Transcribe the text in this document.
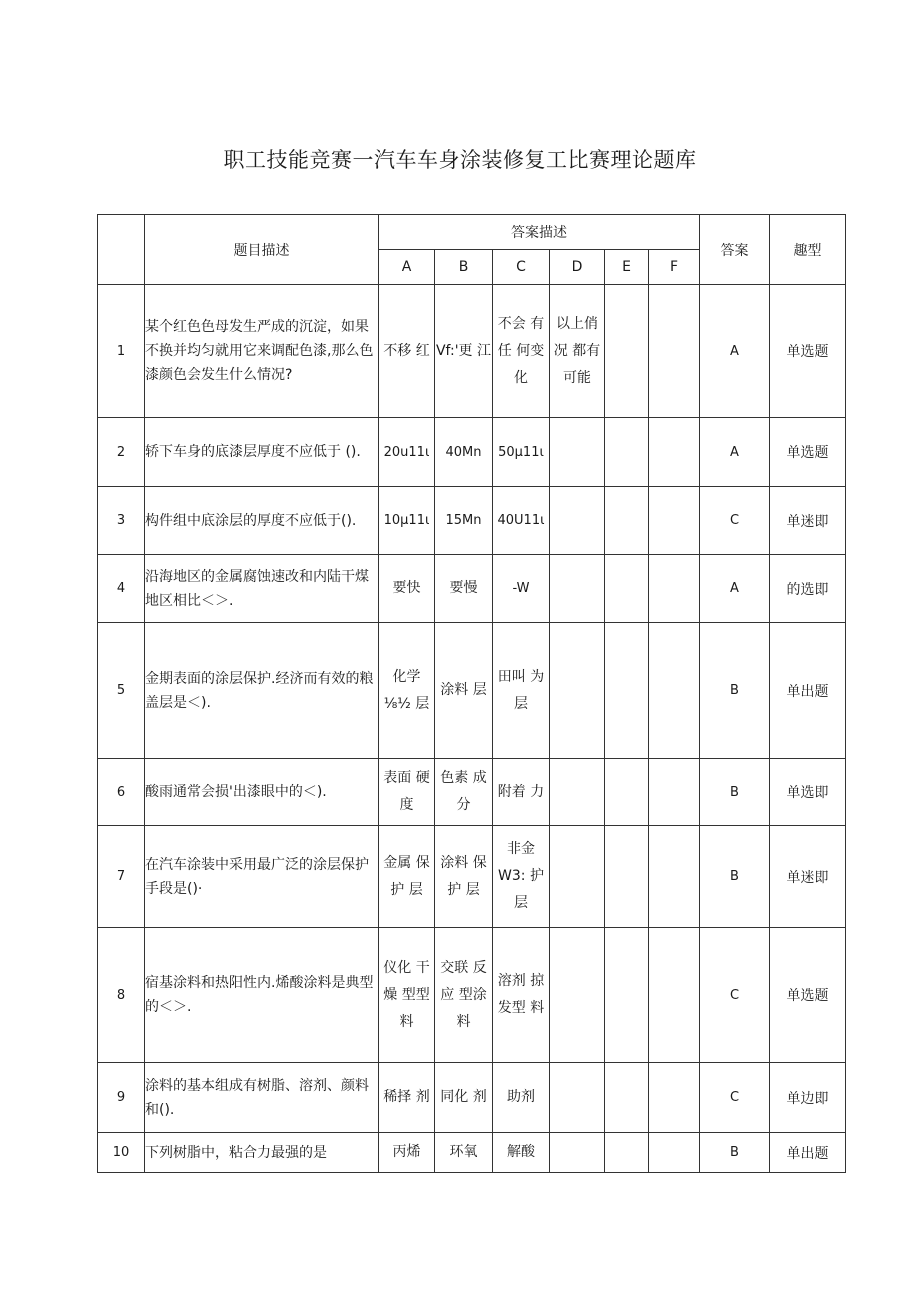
职工技能竞赛一汽车车身涂装修复工比赛理论题库
	题目描述	答案描述						答案	趣型
		A	B	C	D	E	F		
1	某个红色色母发生严成的沉淀，如果不换并均匀就用它来调配色漆,那么色漆颜色会发生什么情况?	不移 红	Vf:'更 江	不会 有任 何变 化	以上俏 况 都有 可能			A	单选题
2	轿下车身的底漆层厚度不应低于 ().	20u11ι	40Mn	50μ11ι				A	单选题
3	构件组中底涂层的厚度不应低于().	10μ11ι	15Mn	40U11ι				C	单迷即
4	沿海地区的金属腐蚀速改和内陆干煤地区相比＜＞.	要快	要慢	-W				A	的选即
5	金期表面的涂层保护.经济而有效的粮盖层是＜).	化学 ⅛½ 层	涂料 层	田叫 为 层				B	单出题
6	酸雨通常会损'出漆眼中的＜).	表面 硬度	色素 成分	附着 力				B	单选即
7	在汽车涂装中采用最广泛的涂层保护手段是()·	金属 保护 层	涂料 保护 层	非金 W3: 护层				B	单迷即
8	宿基涂料和热阳性内.烯酸涂料是典型的＜＞.	仪化 干燥 型型 料	交联 反应 型涂 料	溶剂 掠发型 料				C	单选题
9	涂料的基本组成有树脂、溶剂、颜料和().	稀择 剂	同化 剂	助剂				C	单边即
10	下列树脂中，粘合力最强的是	丙烯	环氧	解酸				B	单出题
